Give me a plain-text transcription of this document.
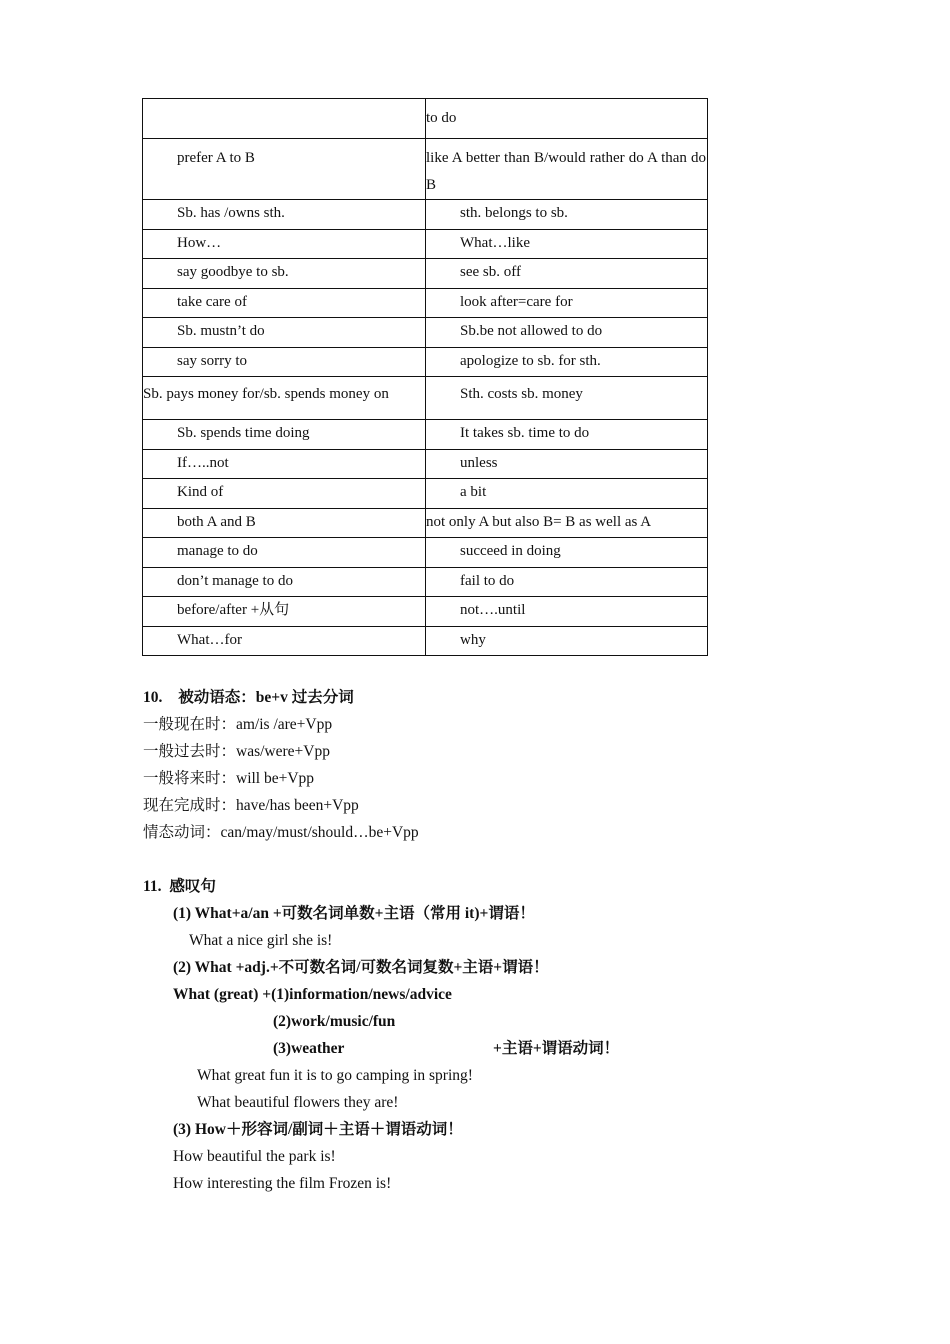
	to do
prefer A to B	like A better than B/would rather do A than do B
Sb. has /owns sth.	sth. belongs to sb.
How…	What…like
say goodbye to sb.	see sb. off
take care of	look after=care for
Sb. mustn’t do	Sb.be not allowed to do
say sorry to	apologize to sb. for sth.
Sb. pays money for/sb. spends money on	Sth. costs sb. money
Sb. spends time doing	It takes sb. time to do
If…..not	unless
Kind of	a bit
both A and B	not only A but also B= B as well as A
manage to do	succeed in doing
don’t manage to do	fail to do
before/after +从句	not….until
What…for	why
10. 被动语态：be+v 过去分词
一般现在时：am/is /are+Vpp
一般过去时：was/were+Vpp
一般将来时：will be+Vpp
现在完成时：have/has been+Vpp
情态动词：can/may/must/should…be+Vpp
11. 感叹句
(1) What+a/an +可数名词单数+主语（常用 it)+谓语！
What a nice girl she is!
(2) What +adj.+不可数名词/可数名词复数+主语+谓语！
What (great) +(1)information/news/advice
(2)work/music/fun
(3)weather	+主语+谓语动词！
What great fun it is to go camping in spring!
What beautiful flowers they are!
(3) How＋形容词/副词＋主语＋谓语动词！
How beautiful the park is!
How interesting the film Frozen is!
